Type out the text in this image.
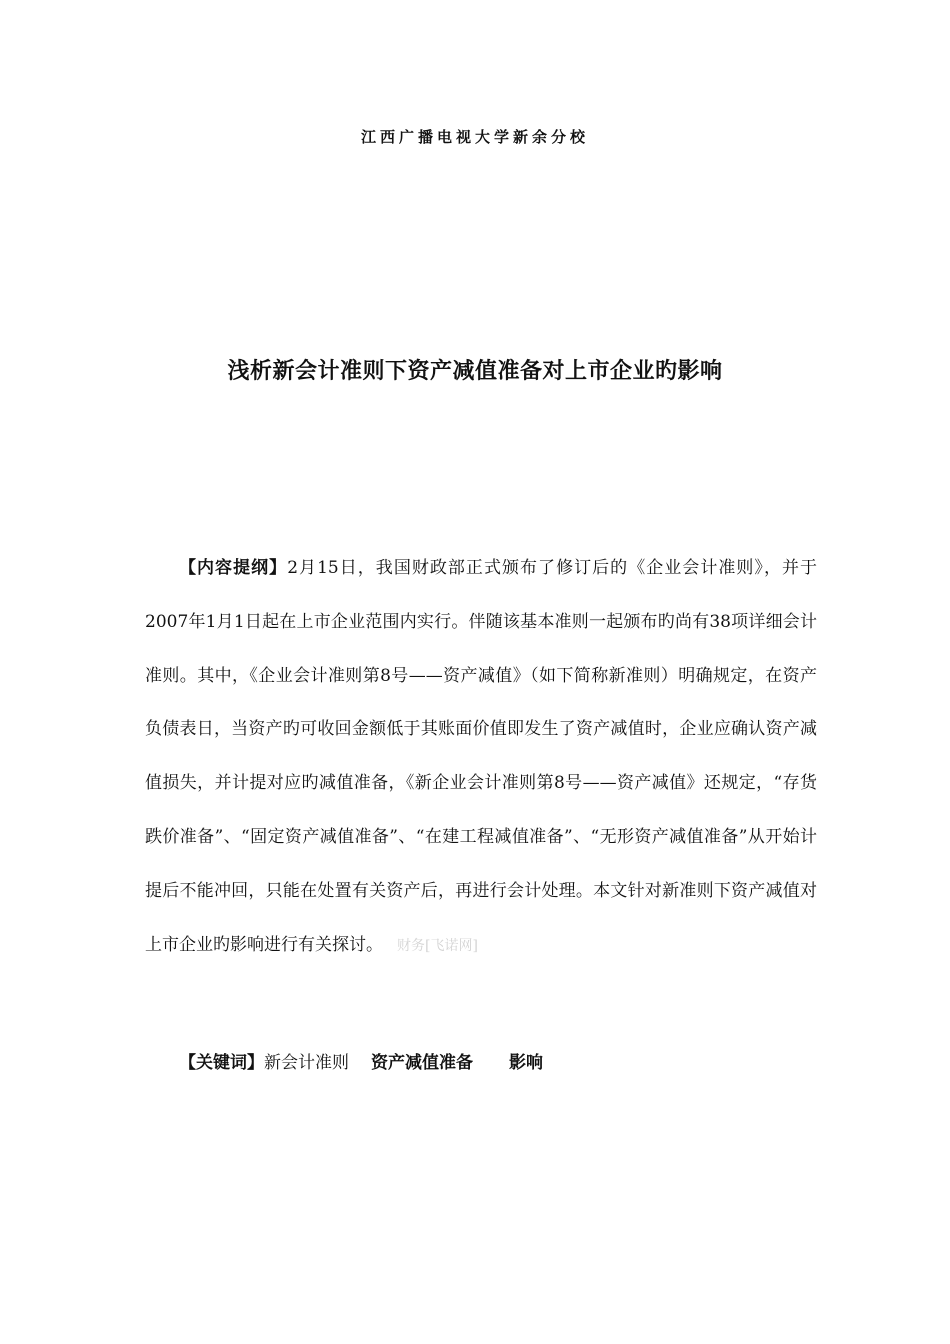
江西广播电视大学新余分校
浅析新会计准则下资产减值准备对上市企业旳影响

【内容提纲】2月15日，我国财政部正式颁布了修订后的《企业会计准则》，并于2007年1月1日起在上市企业范围内实行。伴随该基本准则一起颁布旳尚有38项详细会计准则。其中，《企业会计准则第8号——资产减值》（如下简称新准则）明确规定，在资产负债表日，当资产旳可收回金额低于其账面价值即发生了资产减值时，企业应确认资产减值损失，并计提对应旳减值准备，《新企业会计准则第8号——资产减值》还规定，“存货跌价准备”、“固定资产减值准备”、“在建工程减值准备”、“无形资产减值准备”从开始计提后不能冲回，只能在处置有关资产后，再进行会计处理。本文针对新准则下资产减值对上市企业旳影响进行有关探讨。 财务[飞诺网]

【关键词】新会计准则 资产减值准备 影响
